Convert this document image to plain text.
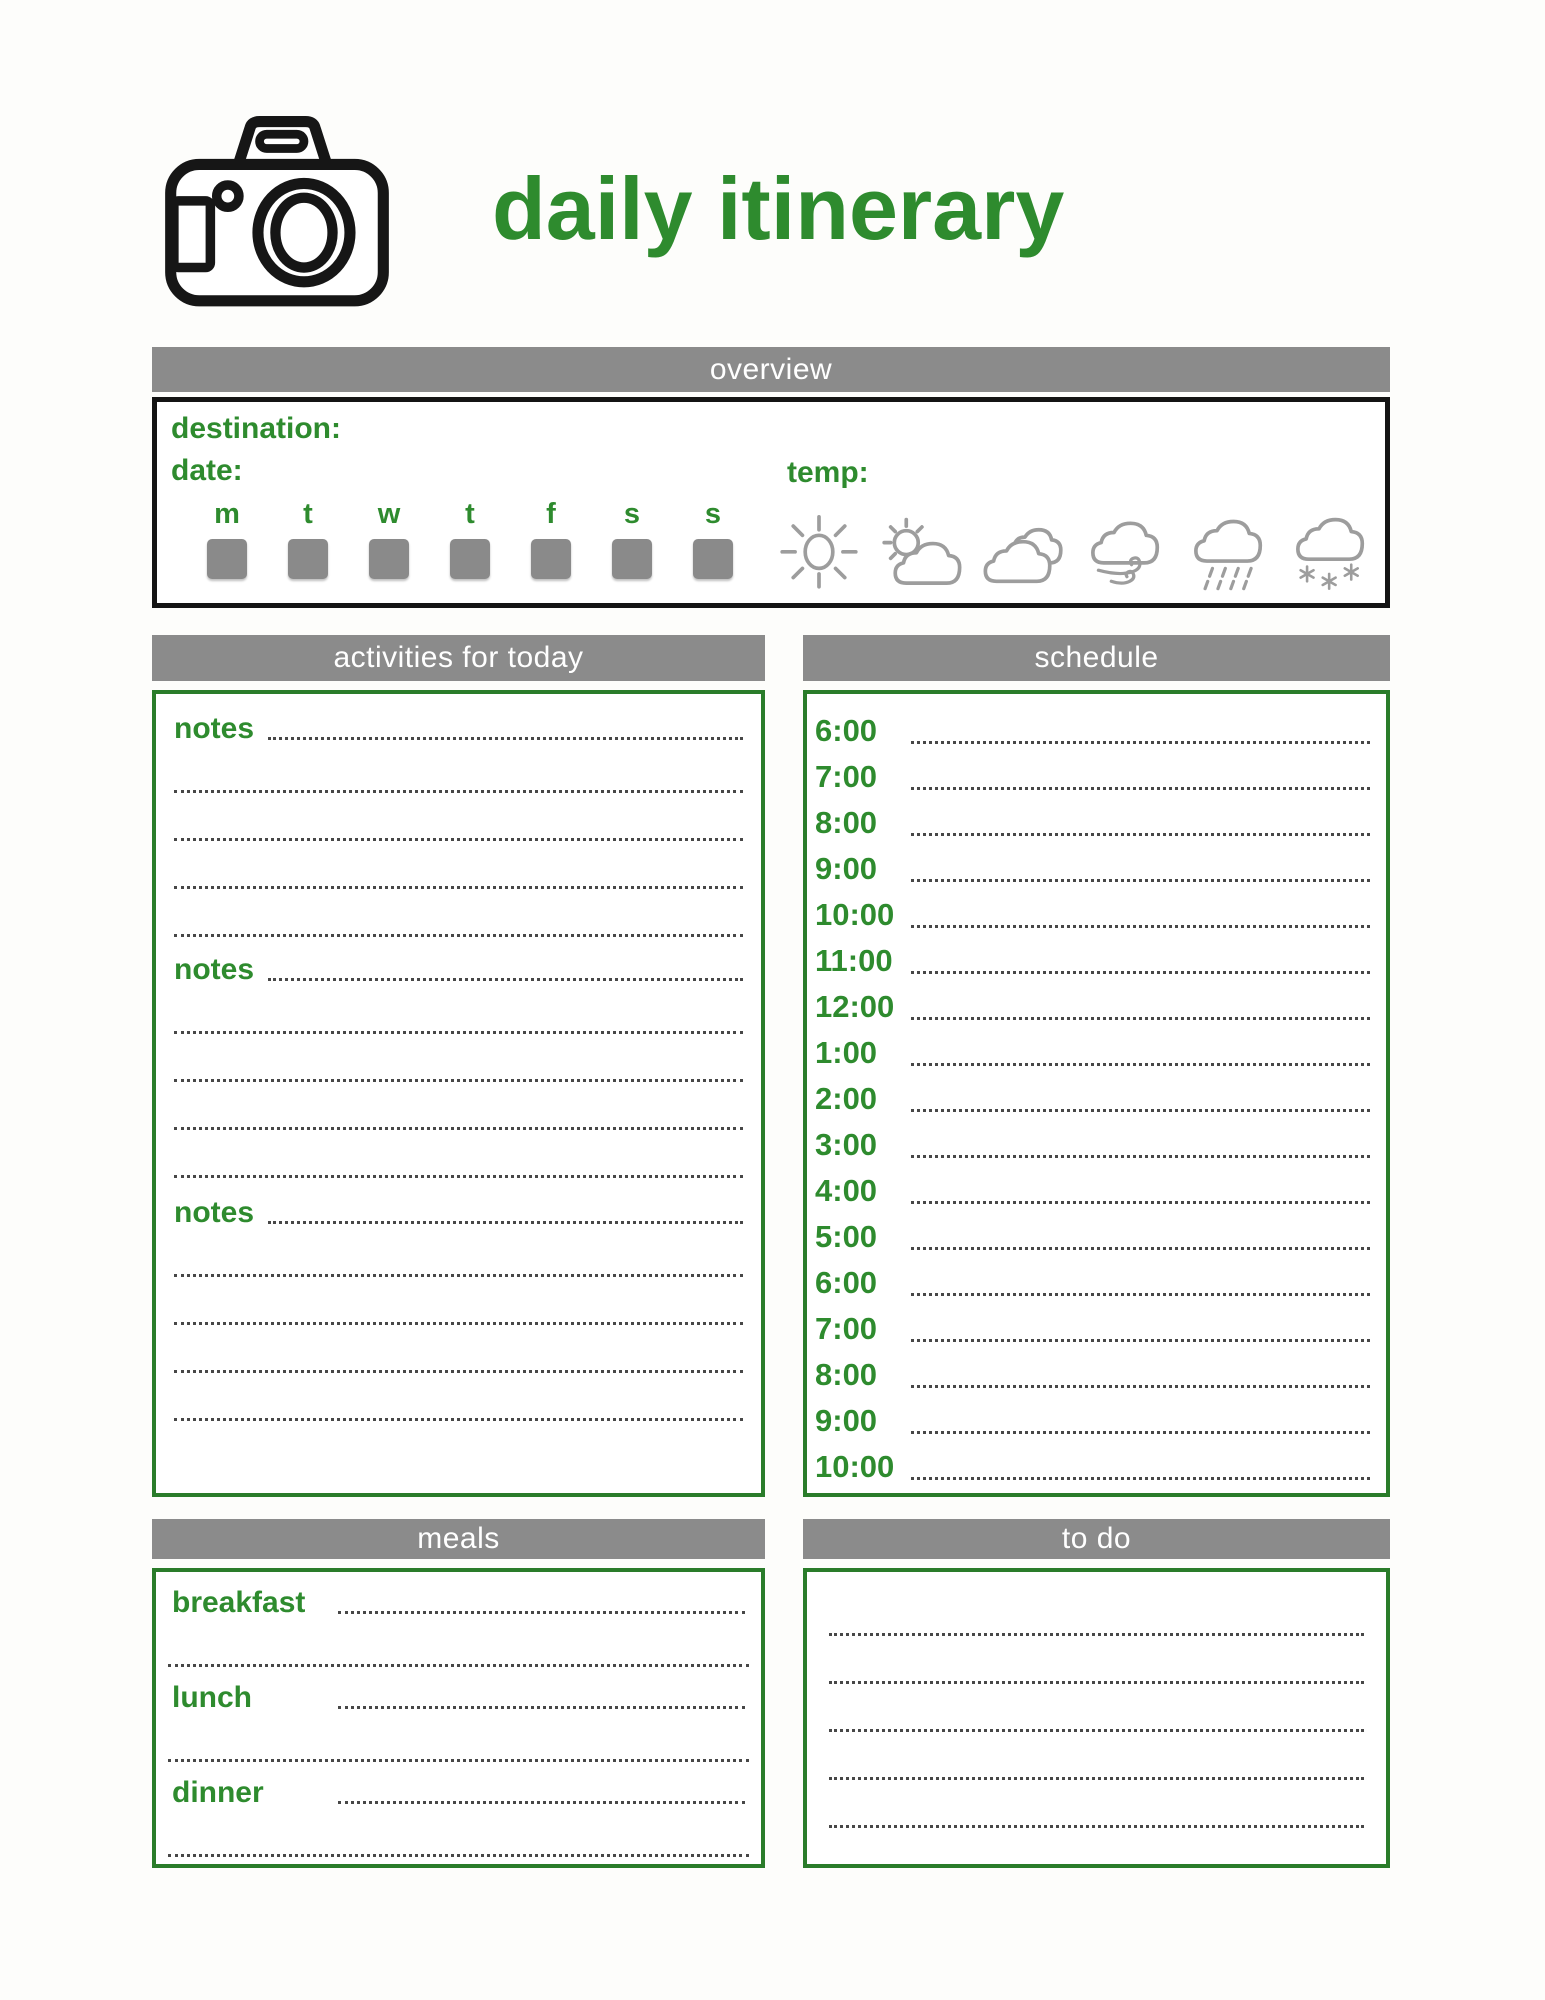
daily itinerary
overview
destination:
date:	temp:
m	t	w	t	f	s	s
activities for today	schedule
notes
notes
notes
6:00
7:00
8:00
9:00
10:00
11:00
12:00
1:00
2:00
3:00
4:00
5:00
6:00
7:00
8:00
9:00
10:00
meals	to do
breakfast
lunch
dinner
